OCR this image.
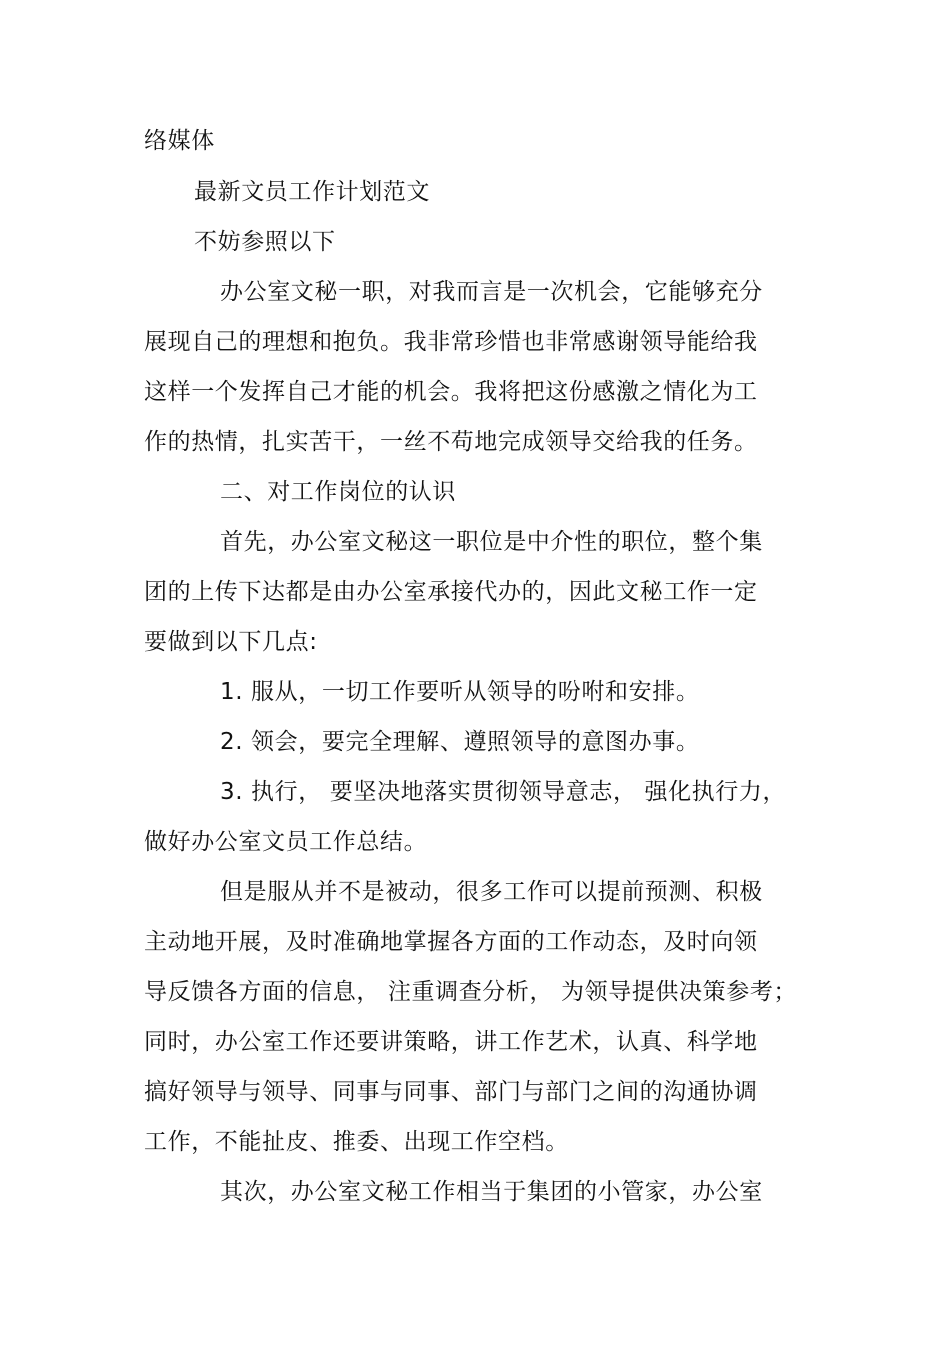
络媒体
最新文员工作计划范文
不妨参照以下
办公室文秘一职，对我而言是一次机会，它能够充分
展现自己的理想和抱负。我非常珍惜也非常感谢领导能给我
这样一个发挥自己才能的机会。我将把这份感激之情化为工
作的热情，扎实苦干，一丝不苟地完成领导交给我的任务。
二、对工作岗位的认识
首先，办公室文秘这一职位是中介性的职位，整个集
团的上传下达都是由办公室承接代办的，因此文秘工作一定
要做到以下几点:
1. 服从，一切工作要听从领导的吩咐和安排。
2. 领会，要完全理解、遵照领导的意图办事。
3. 执行， 要坚决地落实贯彻领导意志， 强化执行力，
做好办公室文员工作总结。
但是服从并不是被动，很多工作可以提前预测、积极
主动地开展，及时准确地掌握各方面的工作动态，及时向领
导反馈各方面的信息， 注重调查分析， 为领导提供决策参考；
同时，办公室工作还要讲策略，讲工作艺术，认真、科学地
搞好领导与领导、同事与同事、部门与部门之间的沟通协调
工作，不能扯皮、推委、出现工作空档。
其次，办公室文秘工作相当于集团的小管家，办公室
